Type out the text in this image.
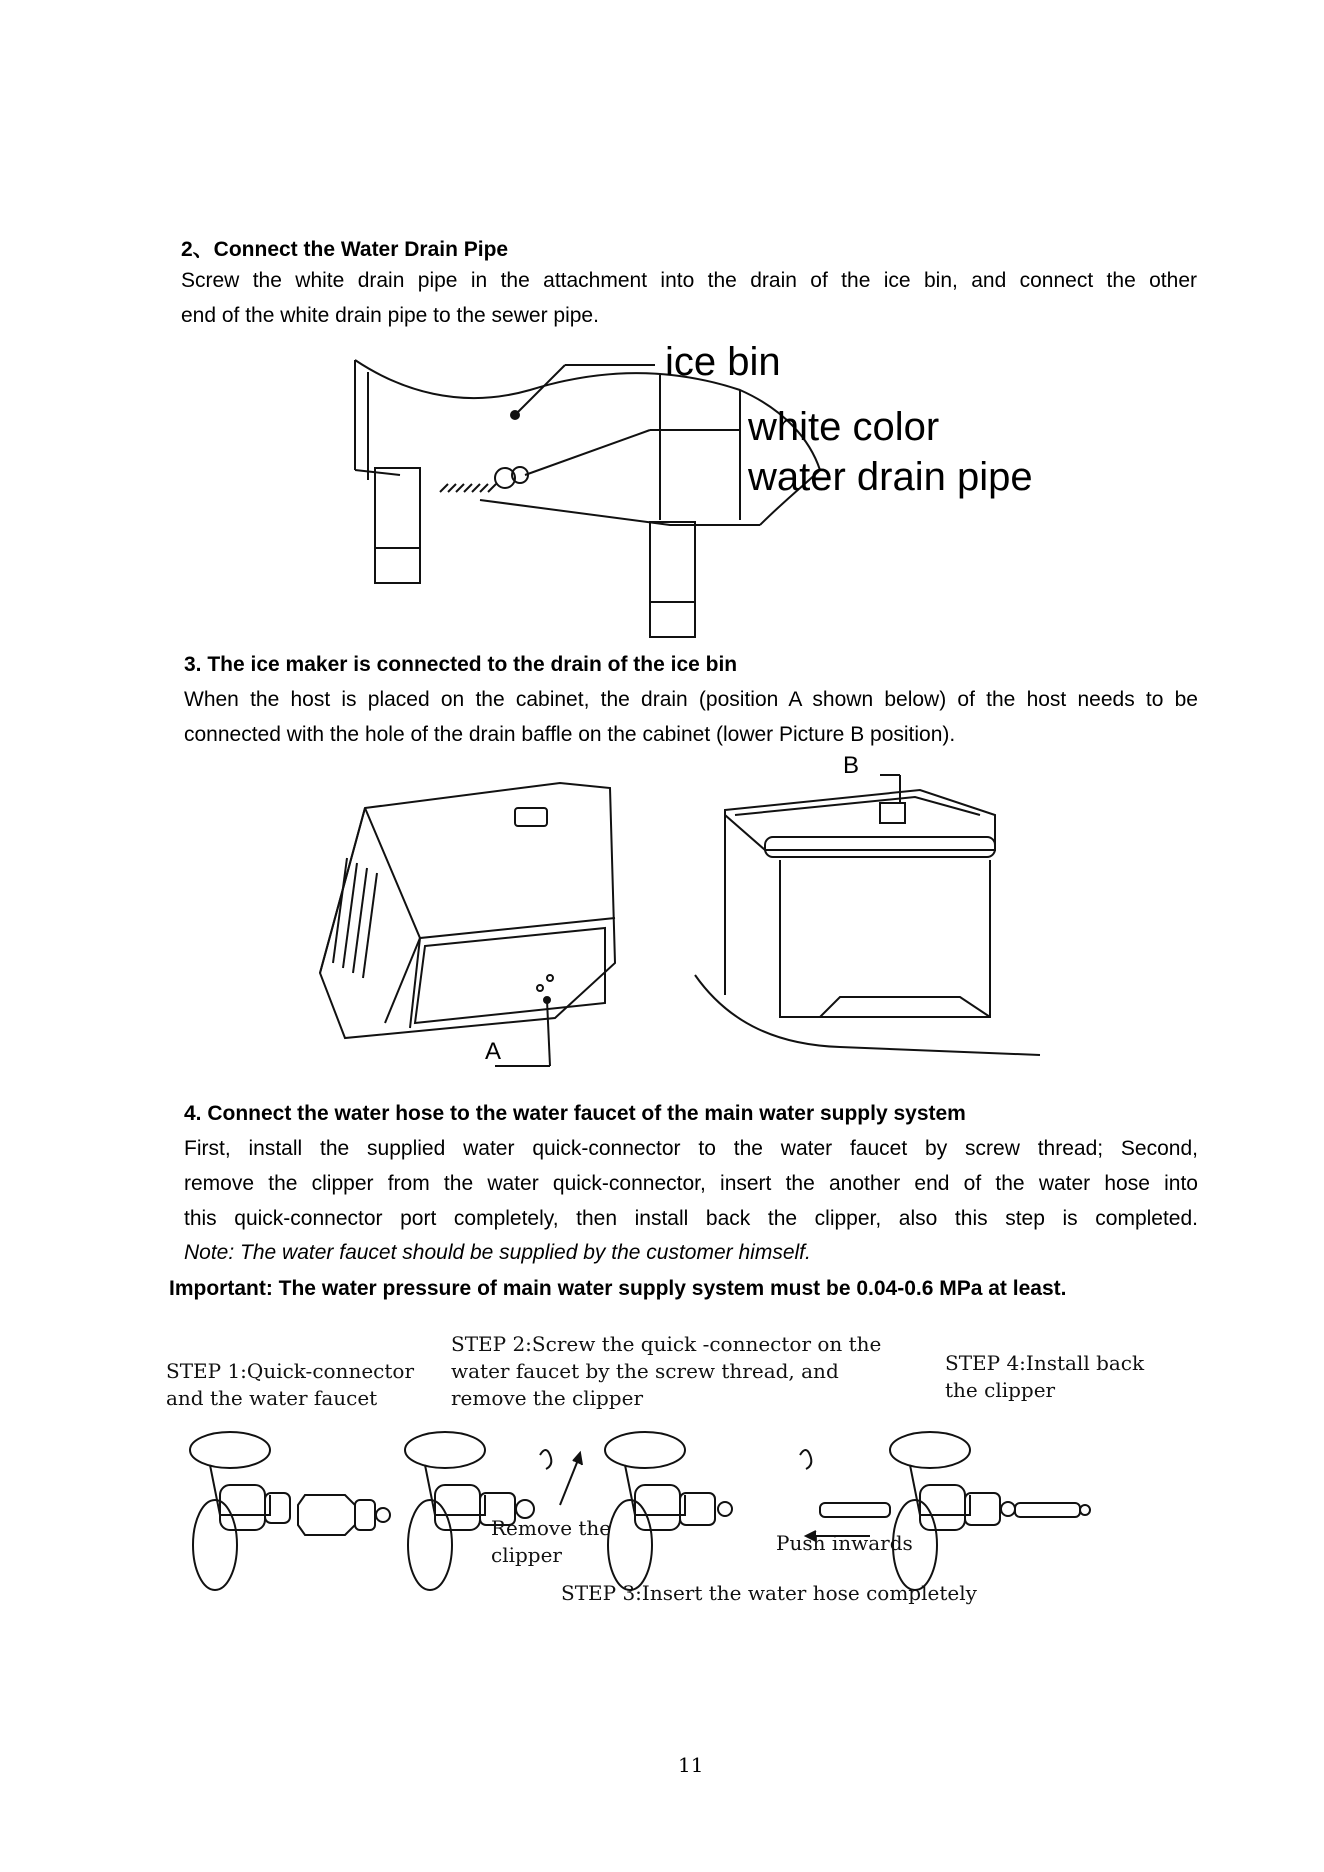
2、Connect the Water Drain Pipe
Screw the white drain pipe in the attachment into the drain of the ice bin, and connect the other
end of the white drain pipe to the sewer pipe.
ice bin
white color
water drain pipe
3. The ice maker is connected to the drain of the ice bin
When the host is placed on the cabinet, the drain (position A shown below) of the host needs to be
connected with the hole of the drain baffle on the cabinet (lower Picture B position).
A
B
4. Connect the water hose to the water faucet of the main water supply system
First, install the supplied water quick-connector to the water faucet by screw thread; Second,
remove the clipper from the water quick-connector, insert the another end of the water hose into
this quick-connector port completely, then install back the clipper, also this step is completed.
Note: The water faucet should be supplied by the customer himself.
Important: The water pressure of main water supply system must be 0.04-0.6 MPa at least.
STEP 1:Quick-connector
and the water faucet
STEP 2:Screw the quick -connector on the
water faucet by the screw thread, and
remove the clipper
STEP 4:Install back
the clipper
Remove the
clipper	Push inwards
STEP 3:Insert the water hose completely
11
